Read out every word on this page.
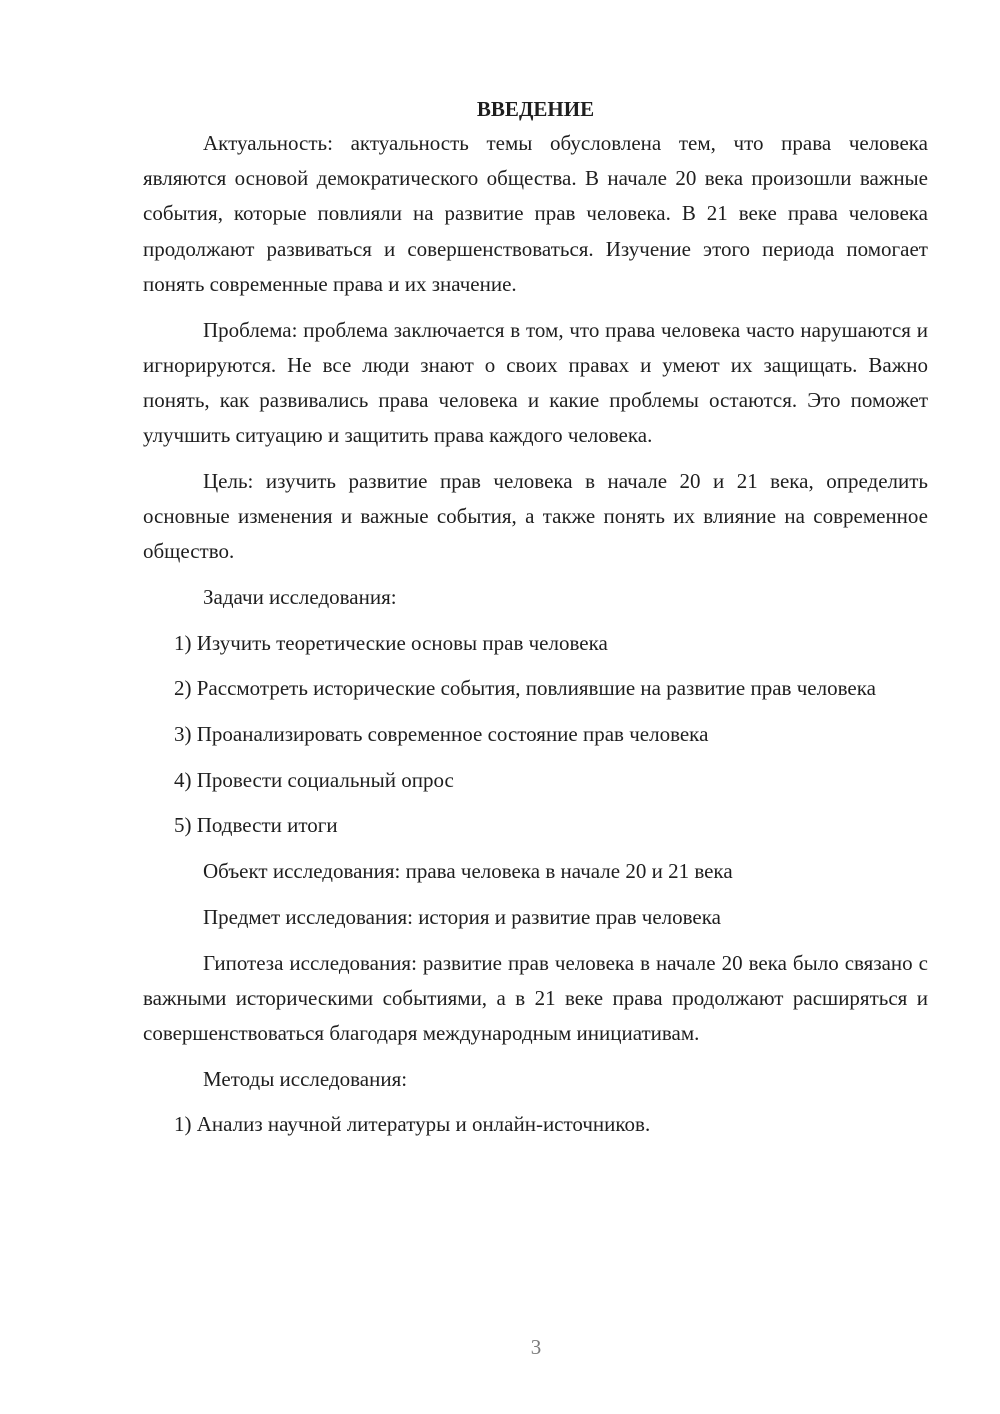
ВВЕДЕНИЕ

Актуальность: актуальность темы обусловлена тем, что права человека являются основой демократического общества. В начале 20 века произошли важные события, которые повлияли на развитие прав человека. В 21 веке права человека продолжают развиваться и совершенствоваться. Изучение этого периода помогает понять современные права и их значение.

Проблема: проблема заключается в том, что права человека часто нарушаются и игнорируются. Не все люди знают о своих правах и умеют их защищать. Важно понять, как развивались права человека и какие проблемы остаются. Это поможет улучшить ситуацию и защитить права каждого человека.

Цель: изучить развитие прав человека в начале 20 и 21 века, определить основные изменения и важные события, а также понять их влияние на современное общество.

Задачи исследования:

1) Изучить теоретические основы прав человека

2) Рассмотреть исторические события, повлиявшие на развитие прав человека

3) Проанализировать современное состояние прав человека

4) Провести социальный опрос

5) Подвести итоги

Объект исследования: права человека в начале 20 и 21 века

Предмет исследования: история и развитие прав человека

Гипотеза исследования: развитие прав человека в начале 20 века было связано с важными историческими событиями, а в 21 веке права продолжают расширяться и совершенствоваться благодаря международным инициативам.

Методы исследования:

1) Анализ научной литературы и онлайн-источников.

3
